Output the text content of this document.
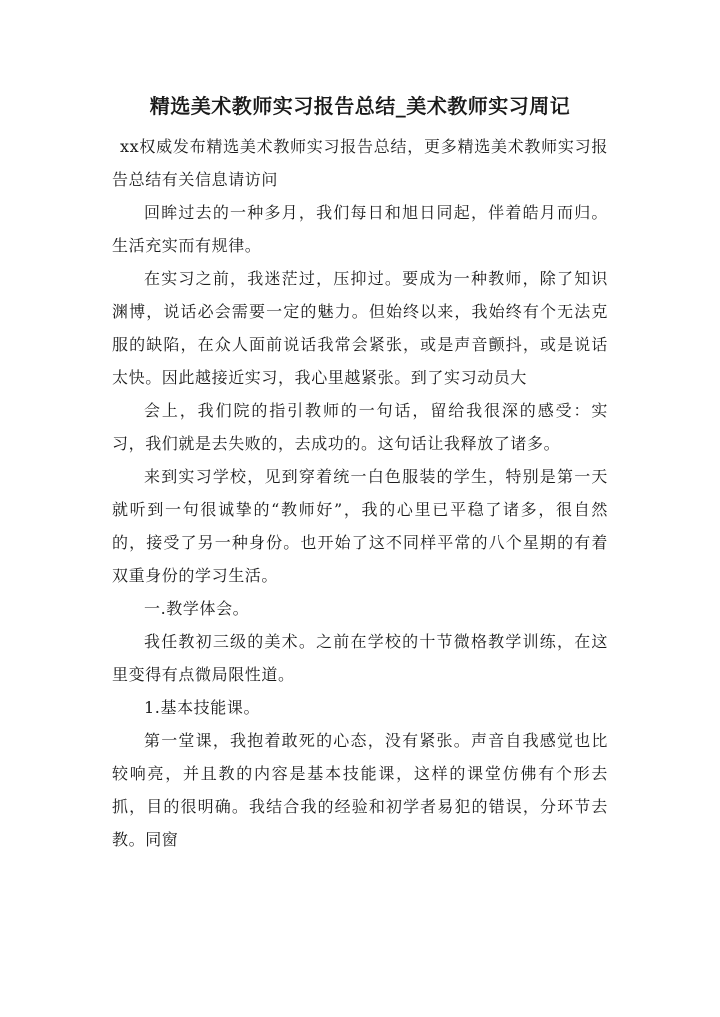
精选美术教师实习报告总结_美术教师实习周记

xx权威发布精选美术教师实习报告总结，更多精选美术教师实习报告总结有关信息请访问

回眸过去的一种多月，我们每日和旭日同起，伴着皓月而归。生活充实而有规律。

在实习之前，我迷茫过，压抑过。要成为一种教师，除了知识渊博，说话必会需要一定的魅力。但始终以来，我始终有个无法克服的缺陷，在众人面前说话我常会紧张，或是声音颤抖，或是说话太快。因此越接近实习，我心里越紧张。到了实习动员大

会上，我们院的指引教师的一句话，留给我很深的感受：实习，我们就是去失败的，去成功的。这句话让我释放了诸多。

来到实习学校，见到穿着统一白色服装的学生，特别是第一天就听到一句很诚挚的“教师好”，我的心里已平稳了诸多，很自然的，接受了另一种身份。也开始了这不同样平常的八个星期的有着双重身份的学习生活。

一.教学体会。

我任教初三级的美术。之前在学校的十节微格教学训练，在这里变得有点微局限性道。

1.基本技能课。

第一堂课，我抱着敢死的心态，没有紧张。声音自我感觉也比较响亮，并且教的内容是基本技能课，这样的课堂仿佛有个形去抓，目的很明确。我结合我的经验和初学者易犯的错误，分环节去教。同窗
